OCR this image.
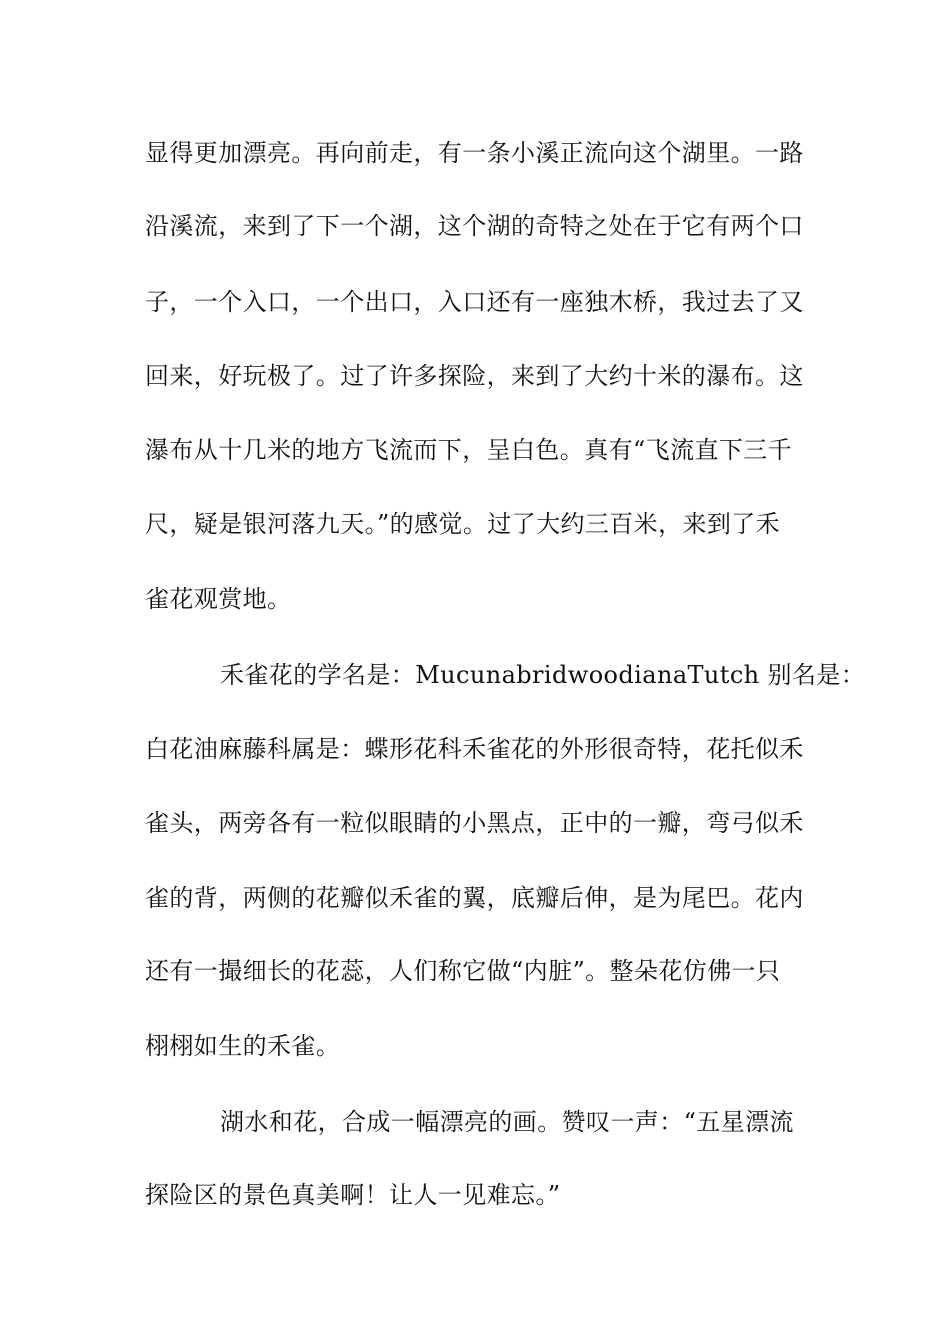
显得更加漂亮。再向前走，有一条小溪正流向这个湖里。一路
沿溪流，来到了下一个湖，这个湖的奇特之处在于它有两个口
子，一个入口，一个出口，入口还有一座独木桥，我过去了又
回来，好玩极了。过了许多探险，来到了大约十米的瀑布。这
瀑布从十几米的地方飞流而下，呈白色。真有“飞流直下三千
尺，疑是银河落九天。”的感觉。过了大约三百米，来到了禾
雀花观赏地。
禾雀花的学名是：MucunabridwoodianaTutch 别名是：
白花油麻藤科属是：蝶形花科禾雀花的外形很奇特，花托似禾
雀头，两旁各有一粒似眼睛的小黑点，正中的一瓣，弯弓似禾
雀的背，两侧的花瓣似禾雀的翼，底瓣后伸，是为尾巴。花内
还有一撮细长的花蕊，人们称它做“内脏”。整朵花仿佛一只
栩栩如生的禾雀。
湖水和花，合成一幅漂亮的画。赞叹一声：“五星漂流
探险区的景色真美啊！让人一见难忘。”
